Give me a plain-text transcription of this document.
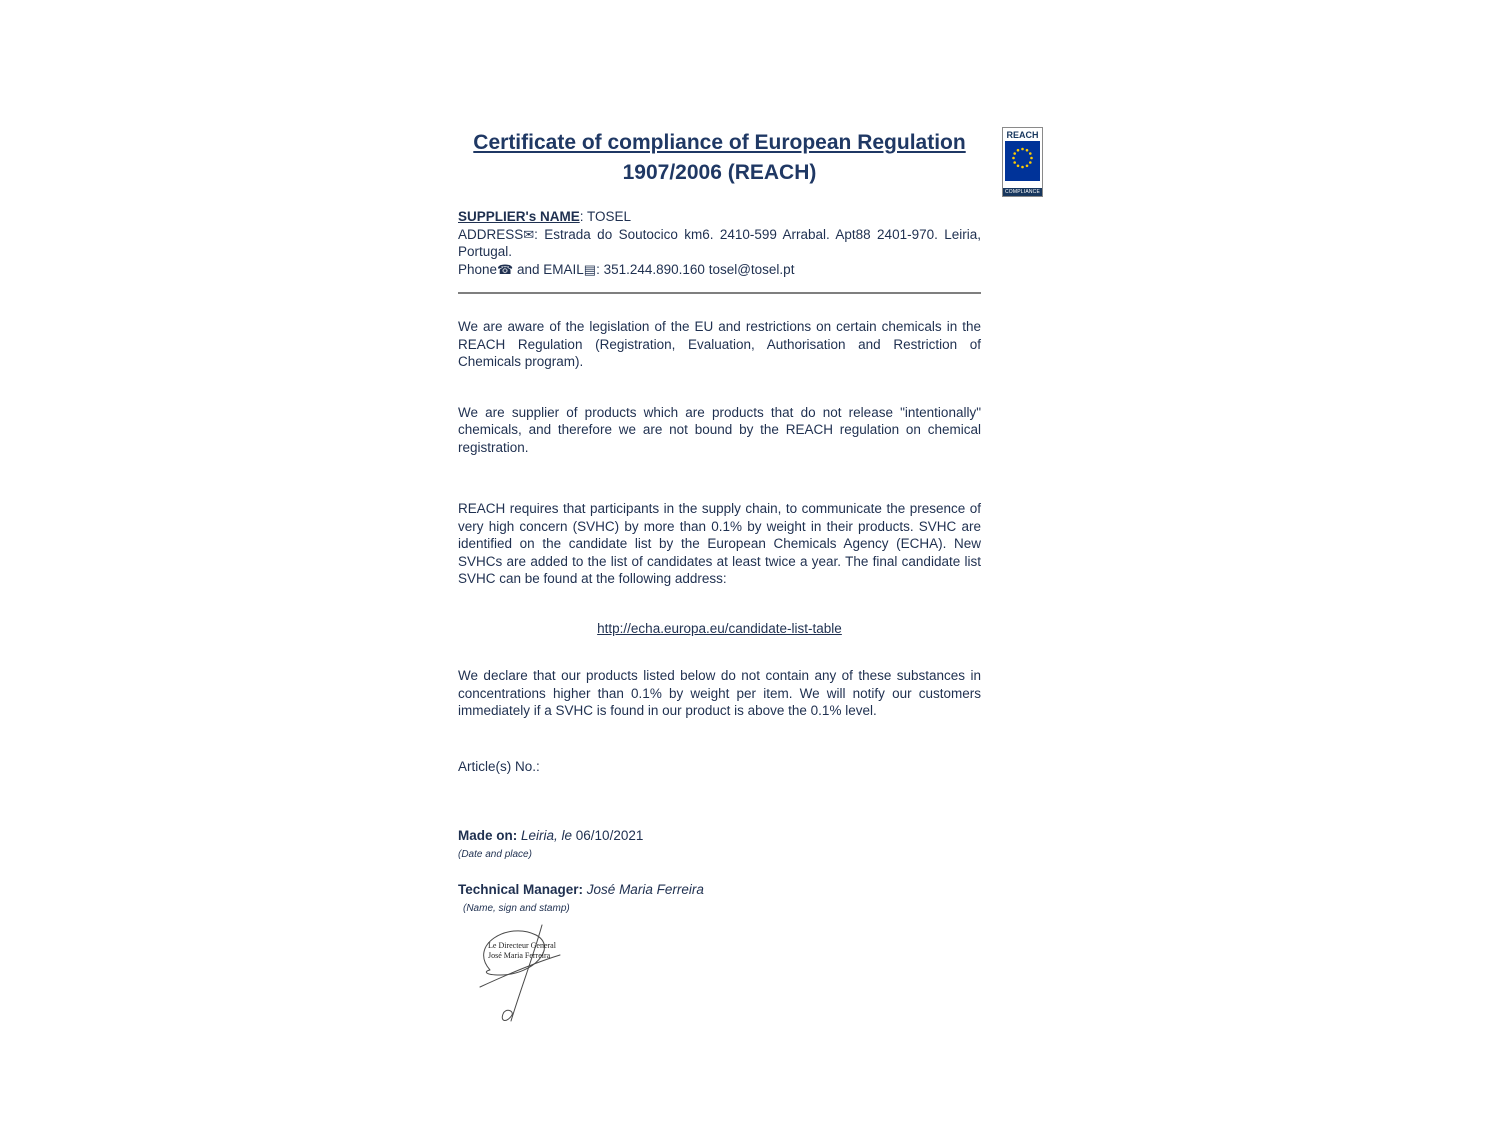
REACH
COMPLIANCE
Certificate of compliance of European Regulation
1907/2006 (REACH)
SUPPLIER's NAME: TOSEL
ADDRESS✉: Estrada do Soutocico km6. 2410-599 Arrabal. Apt88 2401-970. Leiria, Portugal.
Phone☎ and EMAIL▤: 351.244.890.160 tosel@tosel.pt

We are aware of the legislation of the EU and restrictions on certain chemicals in the REACH Regulation (Registration, Evaluation, Authorisation and Restriction of Chemicals program).

We are supplier of products which are products that do not release "intentionally" chemicals, and therefore we are not bound by the REACH regulation on chemical registration.

REACH requires that participants in the supply chain, to communicate the presence of very high concern (SVHC) by more than 0.1% by weight in their products. SVHC are identified on the candidate list by the European Chemicals Agency (ECHA). New SVHCs are added to the list of candidates at least twice a year. The final candidate list SVHC can be found at the following address:

http://echa.europa.eu/candidate-list-table

We declare that our products listed below do not contain any of these substances in concentrations higher than 0.1% by weight per item. We will notify our customers immediately if a SVHC is found in our product is above the 0.1% level.

Article(s) No.:

Made on: Leiria, le 06/10/2021

(Date and place)

Technical Manager: José Maria Ferreira

(Name, sign and stamp)

Le Directeur General
José Maria Ferreira
